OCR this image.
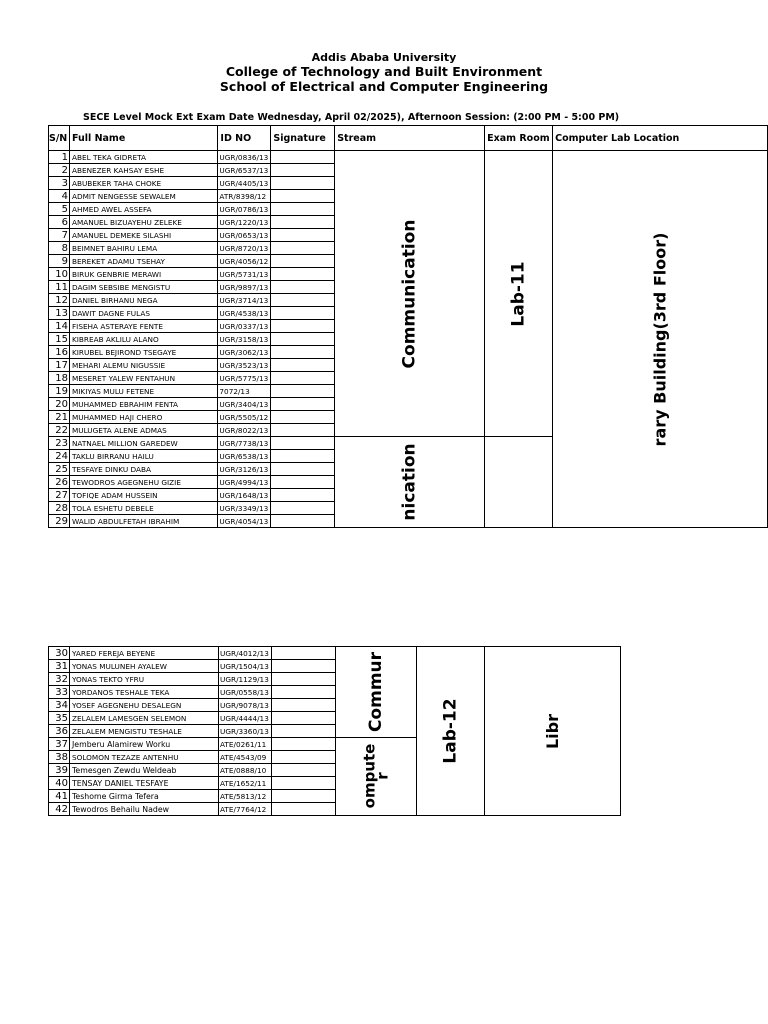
Addis Ababa University
College of Technology and Built Environment
School of Electrical and Computer Engineering
SECE Level Mock Ext Exam Date Wednesday, April 02/2025), Afternoon Session: (2:00 PM - 5:00 PM)
S/N	Full Name	ID NO	Signature	Stream	Exam Room	Computer Lab Location
1	ABEL TEKA GIDRETA	UGR/0836/13		Communication	Lab-11	rary Building(3rd Floor)
2	ABENEZER KAHSAY ESHE	UGR/6537/13				
3	ABUBEKER TAHA CHOKE	UGR/4405/13				
4	ADMIT NENGESSE SEWALEM	ATR/8398/12				
5	AHMED AWEL ASSEFA	UGR/0786/13				
6	AMANUEL BIZUAYEHU ZELEKE	UGR/1220/13				
7	AMANUEL DEMEKE SILASHI	UGR/0653/13				
8	BEIMNET BAHIRU LEMA	UGR/8720/13				
9	BEREKET ADAMU TSEHAY	UGR/4056/12				
10	BIRUK GENBRIE MERAWI	UGR/5731/13				
11	DAGIM SEBSIBE MENGISTU	UGR/9897/13				
12	DANIEL BIRHANU NEGA	UGR/3714/13				
13	DAWIT DAGNE FULAS	UGR/4538/13				
14	FISEHA ASTERAYE FENTE	UGR/0337/13				
15	KIBREAB AKLILU ALANO	UGR/3158/13				
16	KIRUBEL BEJIROND TSEGAYE	UGR/3062/13				
17	MEHARI ALEMU NIGUSSIE	UGR/3523/13				
18	MESERET YALEW FENTAHUN	UGR/5775/13				
19	MIKIYAS MULU FETENE	7072/13				
20	MUHAMMED EBRAHIM FENTA	UGR/3404/13				
21	MUHAMMED HAJI CHERO	UGR/5505/12				
22	MULUGETA ALENE ADMAS	UGR/8022/13				
23	NATNAEL MILLION GAREDEW	UGR/7738/13		nication		
24	TAKLU BIRRANU HAILU	UGR/6538/13				
25	TESFAYE DINKU DABA	UGR/3126/13				
26	TEWODROS AGEGNEHU GIZIE	UGR/4994/13				
27	TOFIQE ADAM HUSSEIN	UGR/1648/13				
28	TOLA ESHETU DEBELE	UGR/3349/13				
29	WALID ABDULFETAH IBRAHIM	UGR/4054/13				
30	YARED FEREJA BEYENE	UGR/4012/13		Commur	Lab-12	Libr
31	YONAS MULUNEH AYALEW	UGR/1504/13				
32	YONAS TEKTO YFRU	UGR/1129/13				
33	YORDANOS TESHALE TEKA	UGR/0558/13				
34	YOSEF AGEGNEHU DESALEGN	UGR/9078/13				
35	ZELALEM LAMESGEN SELEMON	UGR/4444/13				
36	ZELALEM MENGISTU TESHALE	UGR/3360/13				
37	Jemberu Alamirew Worku	ATE/0261/11		ompute
r		
38	SOLOMON TEZAZE ANTENHU	ATE/4543/09				
39	Temesgen Zewdu Weldeab	ATE/0888/10				
40	TENSAY DANIEL TESFAYE	ATE/1652/11				
41	Teshome Girma Tefera	ATE/5813/12				
42	Tewodros Behailu Nadew	ATE/7764/12				
